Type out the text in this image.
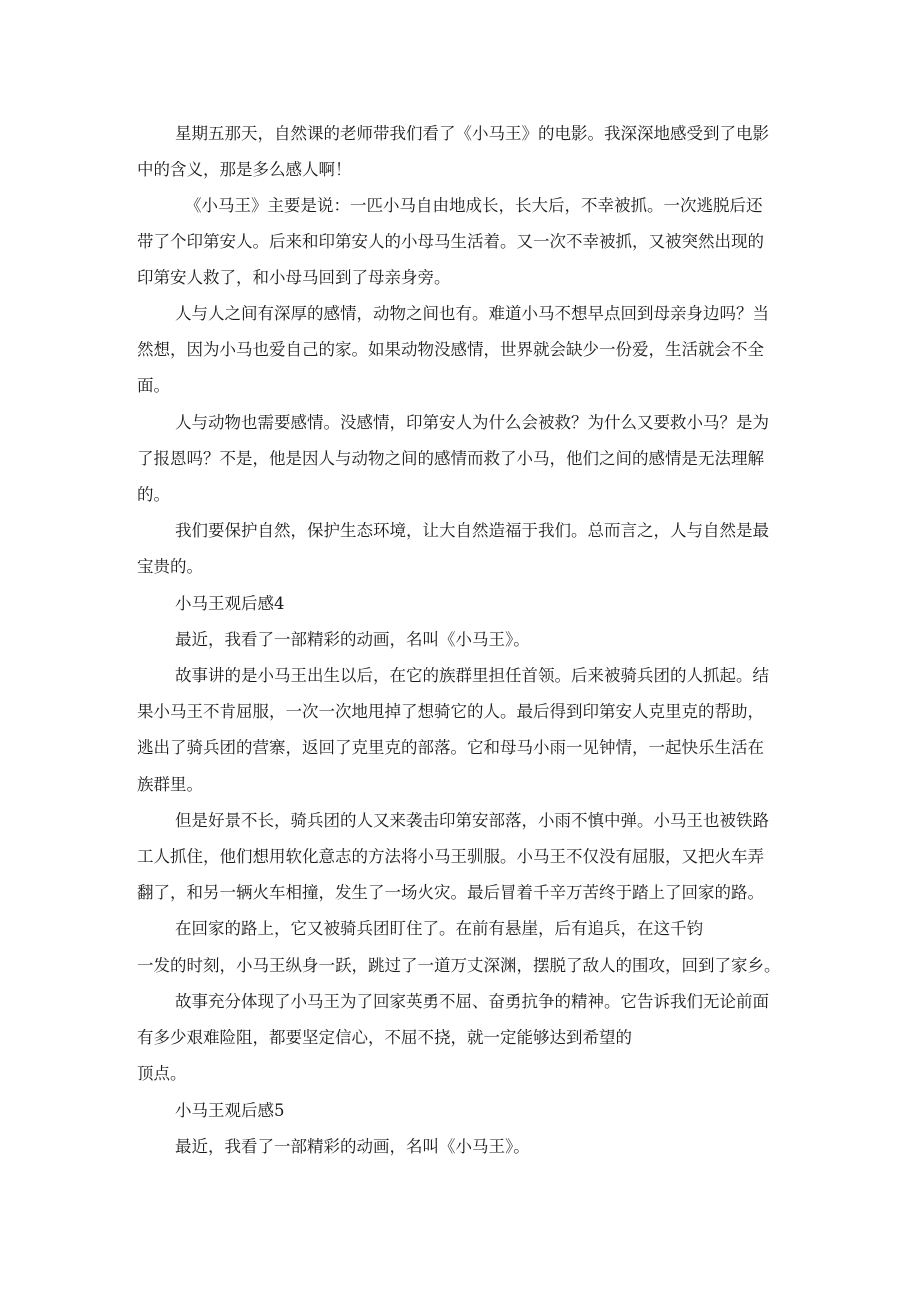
星期五那天，自然课的老师带我们看了《小马王》的电影。我深深地感受到了电影

中的含义，那是多么感人啊！

《小马王》主要是说：一匹小马自由地成长，长大后，不幸被抓。一次逃脱后还

带了个印第安人。后来和印第安人的小母马生活着。又一次不幸被抓，又被突然出现的

印第安人救了，和小母马回到了母亲身旁。

人与人之间有深厚的感情，动物之间也有。难道小马不想早点回到母亲身边吗？当

然想，因为小马也爱自己的家。如果动物没感情，世界就会缺少一份爱，生活就会不全

面。

人与动物也需要感情。没感情，印第安人为什么会被救？为什么又要救小马？是为

了报恩吗？不是，他是因人与动物之间的感情而救了小马，他们之间的感情是无法理解

的。

我们要保护自然，保护生态环境，让大自然造福于我们。总而言之，人与自然是最

宝贵的。

小马王观后感4

最近，我看了一部精彩的动画，名叫《小马王》。

故事讲的是小马王出生以后，在它的族群里担任首领。后来被骑兵团的人抓起。结

果小马王不肯屈服，一次一次地甩掉了想骑它的人。最后得到印第安人克里克的帮助，

逃出了骑兵团的营寨，返回了克里克的部落。它和母马小雨一见钟情，一起快乐生活在

族群里。

但是好景不长，骑兵团的人又来袭击印第安部落，小雨不慎中弹。小马王也被铁路

工人抓住，他们想用软化意志的方法将小马王驯服。小马王不仅没有屈服，又把火车弄

翻了，和另一辆火车相撞，发生了一场火灾。最后冒着千辛万苦终于踏上了回家的路。

在回家的路上，它又被骑兵团盯住了。在前有悬崖，后有追兵，在这千钧

一发的时刻，小马王纵身一跃，跳过了一道万丈深渊，摆脱了敌人的围攻，回到了家乡。

故事充分体现了小马王为了回家英勇不屈、奋勇抗争的精神。它告诉我们无论前面

有多少艰难险阻，都要坚定信心，不屈不挠，就一定能够达到希望的

顶点。

小马王观后感5

最近，我看了一部精彩的动画，名叫《小马王》。
